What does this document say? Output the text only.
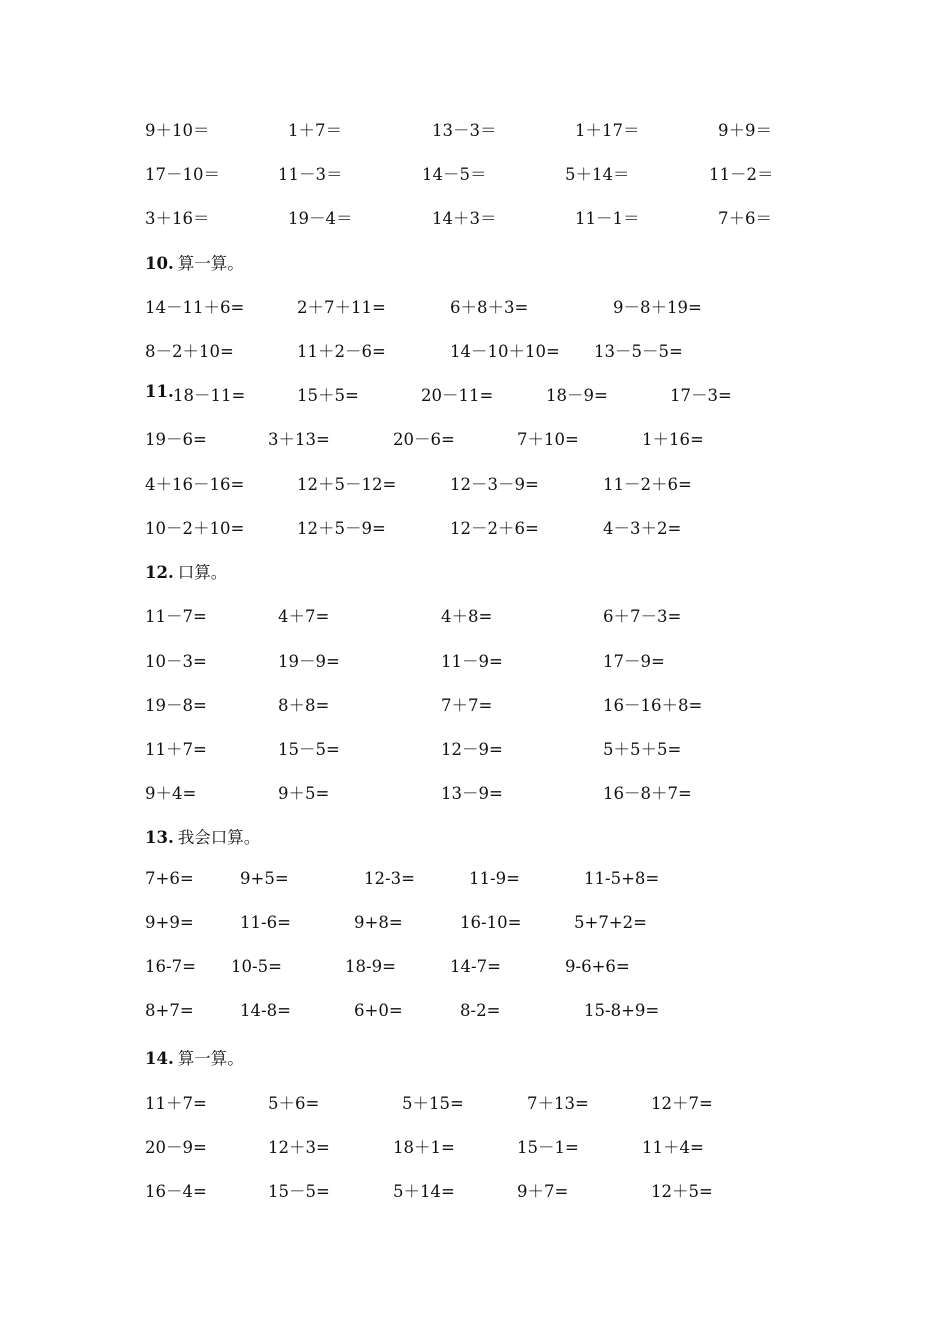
9＋10＝	1＋7＝	13－3＝	1＋17＝	9＋9＝
17－10＝	11－3＝	14－5＝	5＋14＝	11－2＝
3＋16＝	19－4＝	14＋3＝	11－1＝	7＋6＝
10. 算一算。
14－11＋6=	2＋7＋11=	6＋8＋3=	9－8＋19=
8－2＋10=	11＋2－6=	14－10＋10= 13－5－5=
11. 18－11=	15＋5=	20－11=	18－9=	17－3=
19－6=	3＋13=	20－6=	7＋10=	1＋16=
4＋16－16=	12＋5－12=	12－3－9=	11－2＋6=
10－2＋10=	12＋5－9=	12－2＋6=	4－3＋2=
12. 口算。
11－7=	4＋7=	4＋8=	6＋7－3=
10－3=	19－9=	11－9=	17－9=
19－8=	8＋8=	7＋7=	16－16＋8=
11＋7=	15－5=	12－9=	5＋5＋5=
9＋4=	9＋5=	13－9=	16－8＋7=
13. 我会口算。
7+6=	9+5=	12-3=	11-9=	11-5+8=
9+9=	11-6=	9+8=	16-10=	5+7+2=
16-7= 10-5=	18-9=	14-7=	9-6+6=
8+7=	14-8=	6+0=	8-2=	15-8+9=
14. 算一算。
11＋7=	5＋6=	5＋15=	7＋13=	12＋7=
20－9=	12＋3=	18＋1=	15－1=	11＋4=
16－4=	15－5=	5＋14=	9＋7=	12＋5=
